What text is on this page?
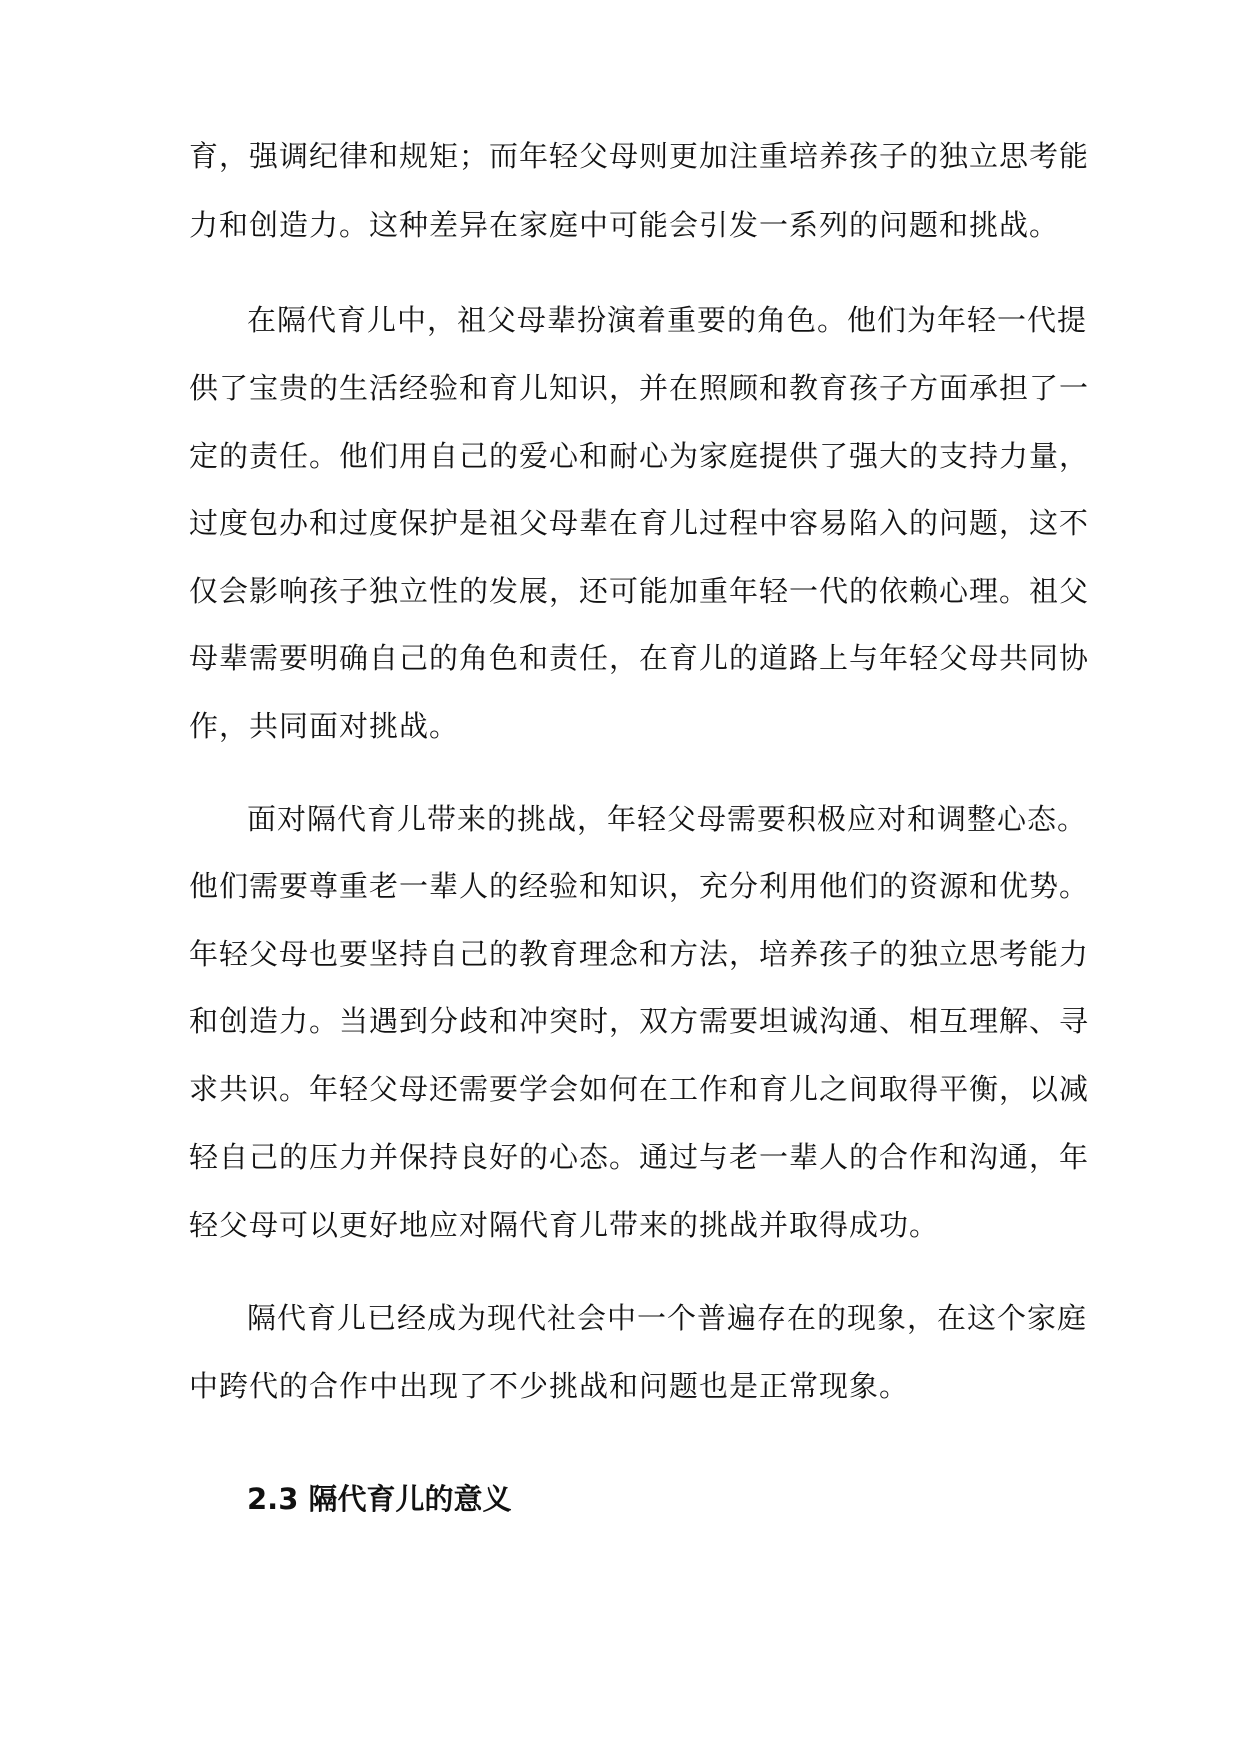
育，强调纪律和规矩；而年轻父母则更加注重培养孩子的独立思考能
力和创造力。这种差异在家庭中可能会引发一系列的问题和挑战。
在隔代育儿中，祖父母辈扮演着重要的角色。他们为年轻一代提
供了宝贵的生活经验和育儿知识，并在照顾和教育孩子方面承担了一
定的责任。他们用自己的爱心和耐心为家庭提供了强大的支持力量，
过度包办和过度保护是祖父母辈在育儿过程中容易陷入的问题，这不
仅会影响孩子独立性的发展，还可能加重年轻一代的依赖心理。祖父
母辈需要明确自己的角色和责任，在育儿的道路上与年轻父母共同协
作，共同面对挑战。
面对隔代育儿带来的挑战，年轻父母需要积极应对和调整心态。
他们需要尊重老一辈人的经验和知识，充分利用他们的资源和优势。
年轻父母也要坚持自己的教育理念和方法，培养孩子的独立思考能力
和创造力。当遇到分歧和冲突时，双方需要坦诚沟通、相互理解、寻
求共识。年轻父母还需要学会如何在工作和育儿之间取得平衡，以减
轻自己的压力并保持良好的心态。通过与老一辈人的合作和沟通，年
轻父母可以更好地应对隔代育儿带来的挑战并取得成功。
隔代育儿已经成为现代社会中一个普遍存在的现象，在这个家庭
中跨代的合作中出现了不少挑战和问题也是正常现象。
2.3 隔代育儿的意义
